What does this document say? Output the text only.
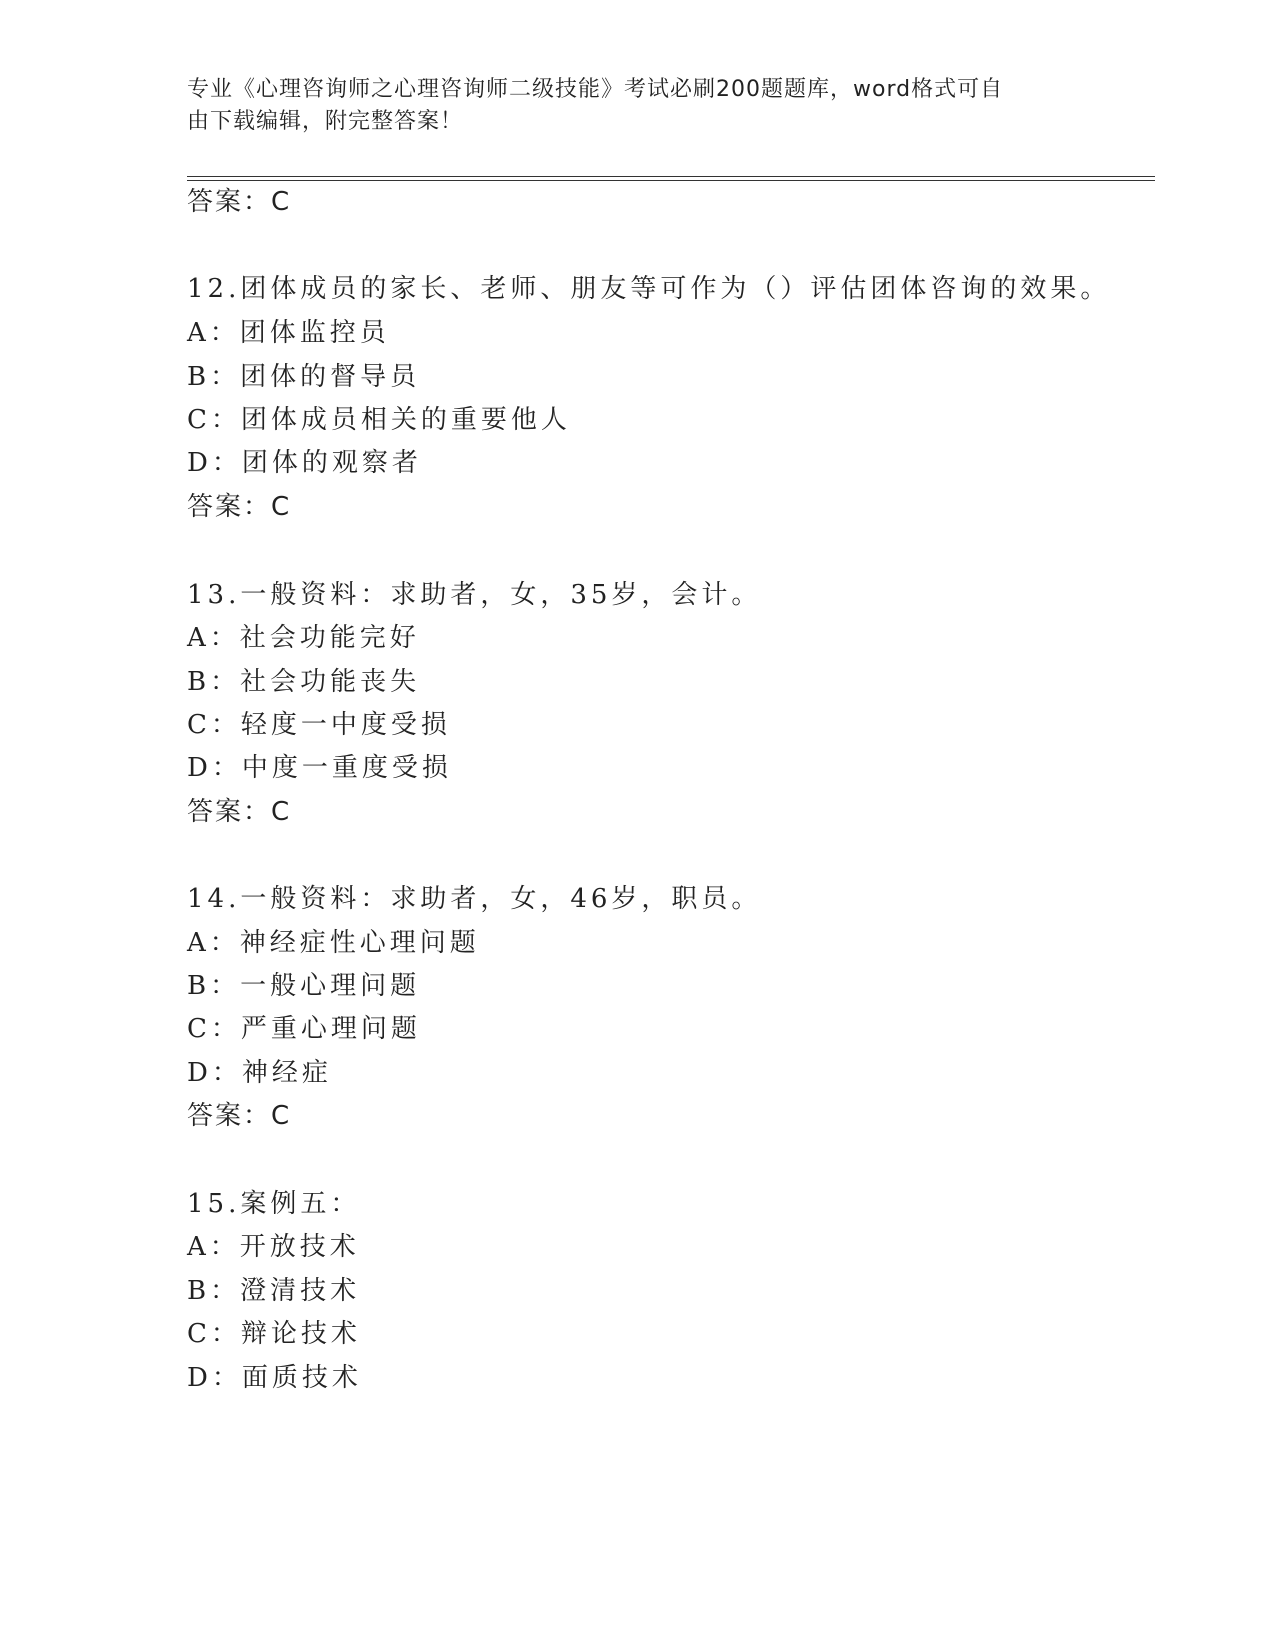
专业《心理咨询师之心理咨询师二级技能》考试必刷200题题库，word格式可自
由下载编辑，附完整答案！
答案：C
12.团体成员的家长、老师、朋友等可作为（）评估团体咨询的效果。
A：团体监控员
B：团体的督导员
C：团体成员相关的重要他人
D：团体的观察者
答案：C
13.一般资料：求助者，女，35岁，会计。
A：社会功能完好
B：社会功能丧失
C：轻度一中度受损
D：中度一重度受损
答案：C
14.一般资料：求助者，女，46岁，职员。
A：神经症性心理问题
B：一般心理问题
C：严重心理问题
D：神经症
答案：C
15.案例五：
A：开放技术
B：澄清技术
C：辩论技术
D：面质技术
